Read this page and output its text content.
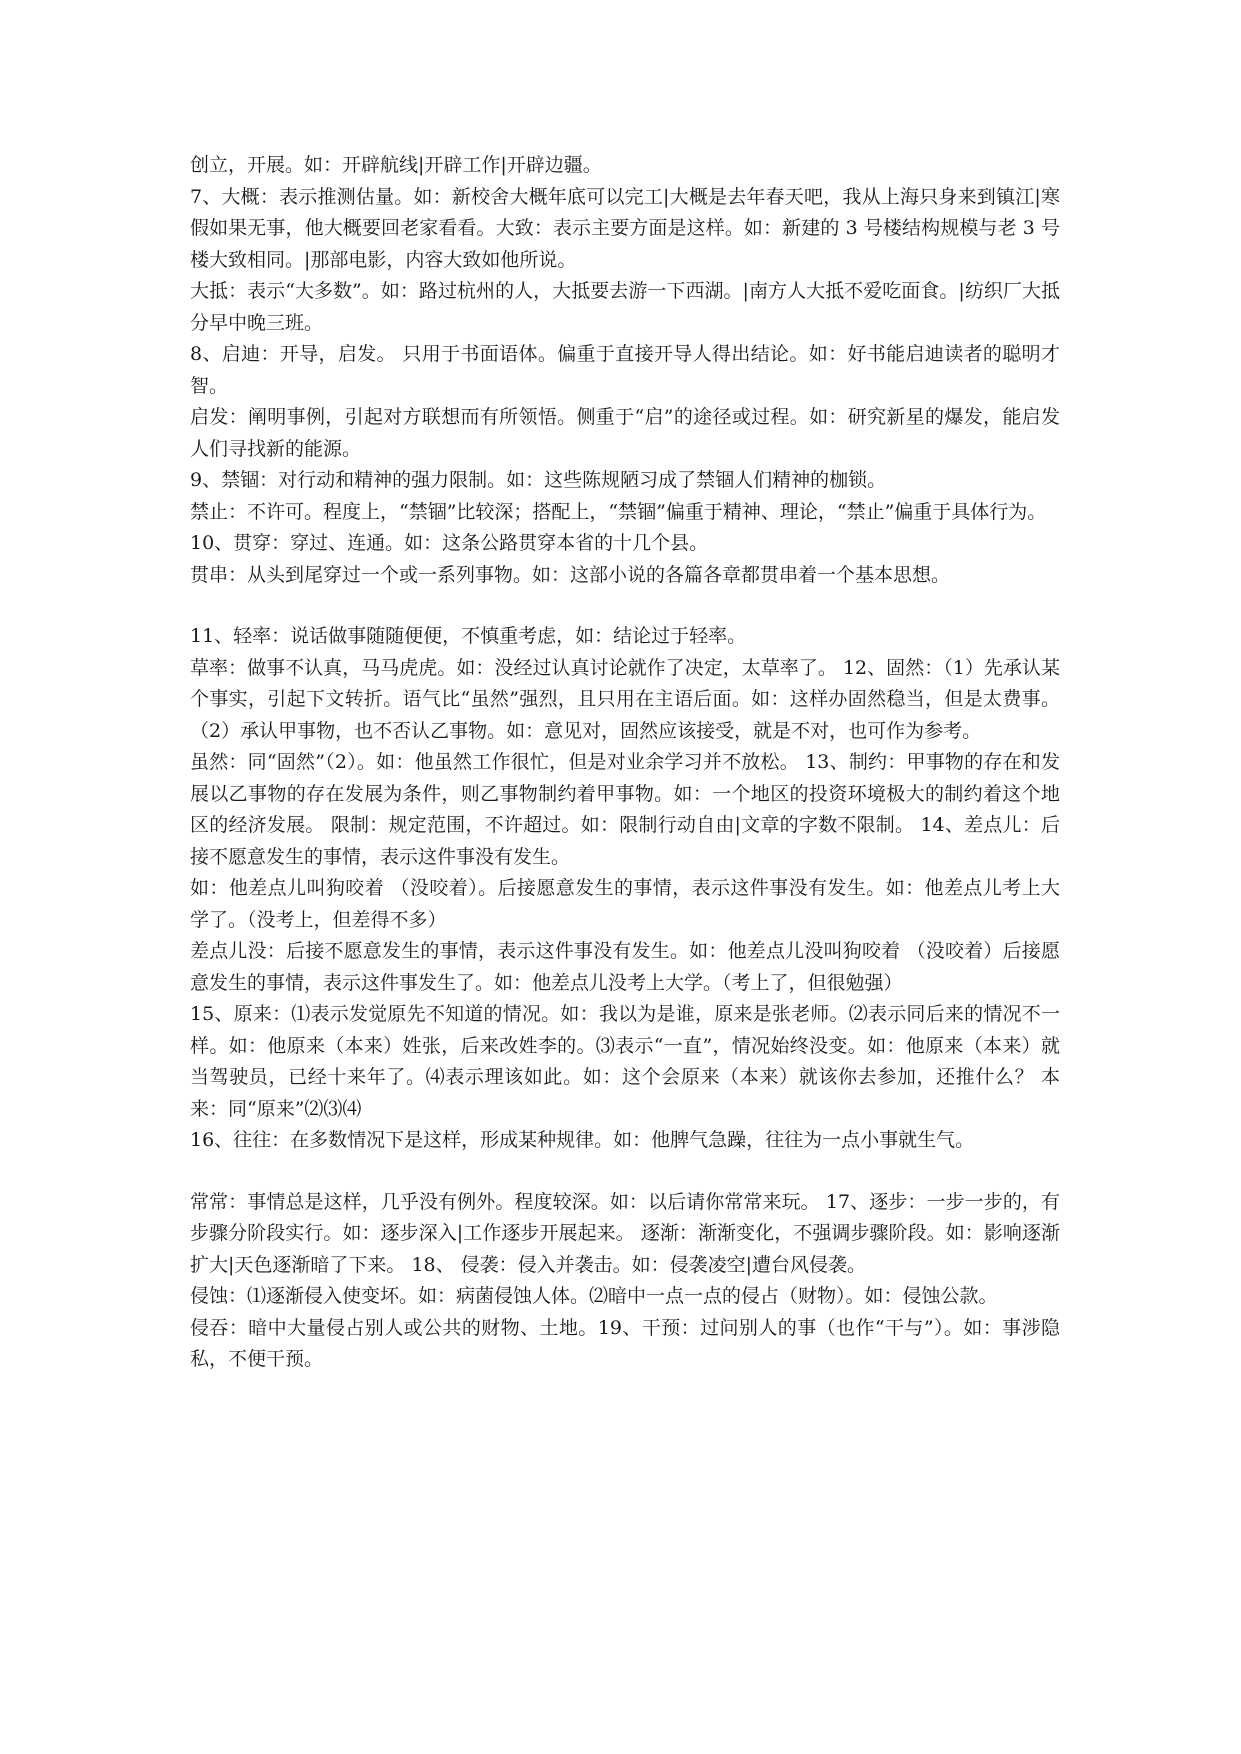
创立，开展。如：开辟航线|开辟工作|开辟边疆。

7、大概：表示推测估量。如：新校舍大概年底可以完工|大概是去年春天吧，我从上海只身来到镇江|寒假如果无事，他大概要回老家看看。大致：表示主要方面是这样。如：新建的 3 号楼结构规模与老 3 号楼大致相同。|那部电影，内容大致如他所说。

大抵：表示“大多数”。如：路过杭州的人，大抵要去游一下西湖。|南方人大抵不爱吃面食。|纺织厂大抵分早中晚三班。

8、启迪：开导，启发。 只用于书面语体。偏重于直接开导人得出结论。如：好书能启迪读者的聪明才智。

启发：阐明事例，引起对方联想而有所领悟。侧重于“启”的途径或过程。如：研究新星的爆发，能启发人们寻找新的能源。

9、禁锢：对行动和精神的强力限制。如：这些陈规陋习成了禁锢人们精神的枷锁。

禁止：不许可。程度上，“禁锢”比较深；搭配上，“禁锢”偏重于精神、理论，“禁止”偏重于具体行为。

10、贯穿：穿过、连通。如：这条公路贯穿本省的十几个县。

贯串：从头到尾穿过一个或一系列事物。如：这部小说的各篇各章都贯串着一个基本思想。

11、轻率：说话做事随随便便，不慎重考虑，如：结论过于轻率。

草率：做事不认真，马马虎虎。如：没经过认真讨论就作了决定，太草率了。 12、固然：（1）先承认某个事实，引起下文转折。语气比“虽然”强烈，且只用在主语后面。如：这样办固然稳当，但是太费事。（2）承认甲事物，也不否认乙事物。如：意见对，固然应该接受，就是不对，也可作为参考。

虽然：同“固然”（2）。如：他虽然工作很忙，但是对业余学习并不放松。 13、制约：甲事物的存在和发展以乙事物的存在发展为条件，则乙事物制约着甲事物。如：一个地区的投资环境极大的制约着这个地区的经济发展。 限制：规定范围，不许超过。如：限制行动自由|文章的字数不限制。 14、差点儿：后接不愿意发生的事情，表示这件事没有发生。

如：他差点儿叫狗咬着 （没咬着）。后接愿意发生的事情，表示这件事没有发生。如：他差点儿考上大学了。（没考上，但差得不多）

差点儿没：后接不愿意发生的事情，表示这件事没有发生。如：他差点儿没叫狗咬着 （没咬着）后接愿意发生的事情，表示这件事发生了。如：他差点儿没考上大学。（考上了，但很勉强）

15、原来：⑴表示发觉原先不知道的情况。如：我以为是谁，原来是张老师。⑵表示同后来的情况不一样。如：他原来（本来）姓张，后来改姓李的。⑶表示“一直”，情况始终没变。如：他原来（本来）就当驾驶员，已经十来年了。⑷表示理该如此。如：这个会原来（本来）就该你去参加，还推什么？ 本来：同“原来”⑵⑶⑷

16、往往：在多数情况下是这样，形成某种规律。如：他脾气急躁，往往为一点小事就生气。

常常：事情总是这样，几乎没有例外。程度较深。如：以后请你常常来玩。 17、逐步：一步一步的，有步骤分阶段实行。如：逐步深入|工作逐步开展起来。 逐渐：渐渐变化，不强调步骤阶段。如：影响逐渐扩大|天色逐渐暗了下来。 18、 侵袭：侵入并袭击。如：侵袭凌空|遭台风侵袭。

侵蚀：⑴逐渐侵入使变坏。如：病菌侵蚀人体。⑵暗中一点一点的侵占（财物）。如：侵蚀公款。

侵吞：暗中大量侵占别人或公共的财物、土地。19、干预：过问别人的事（也作“干与”）。如：事涉隐私，不便干预。
